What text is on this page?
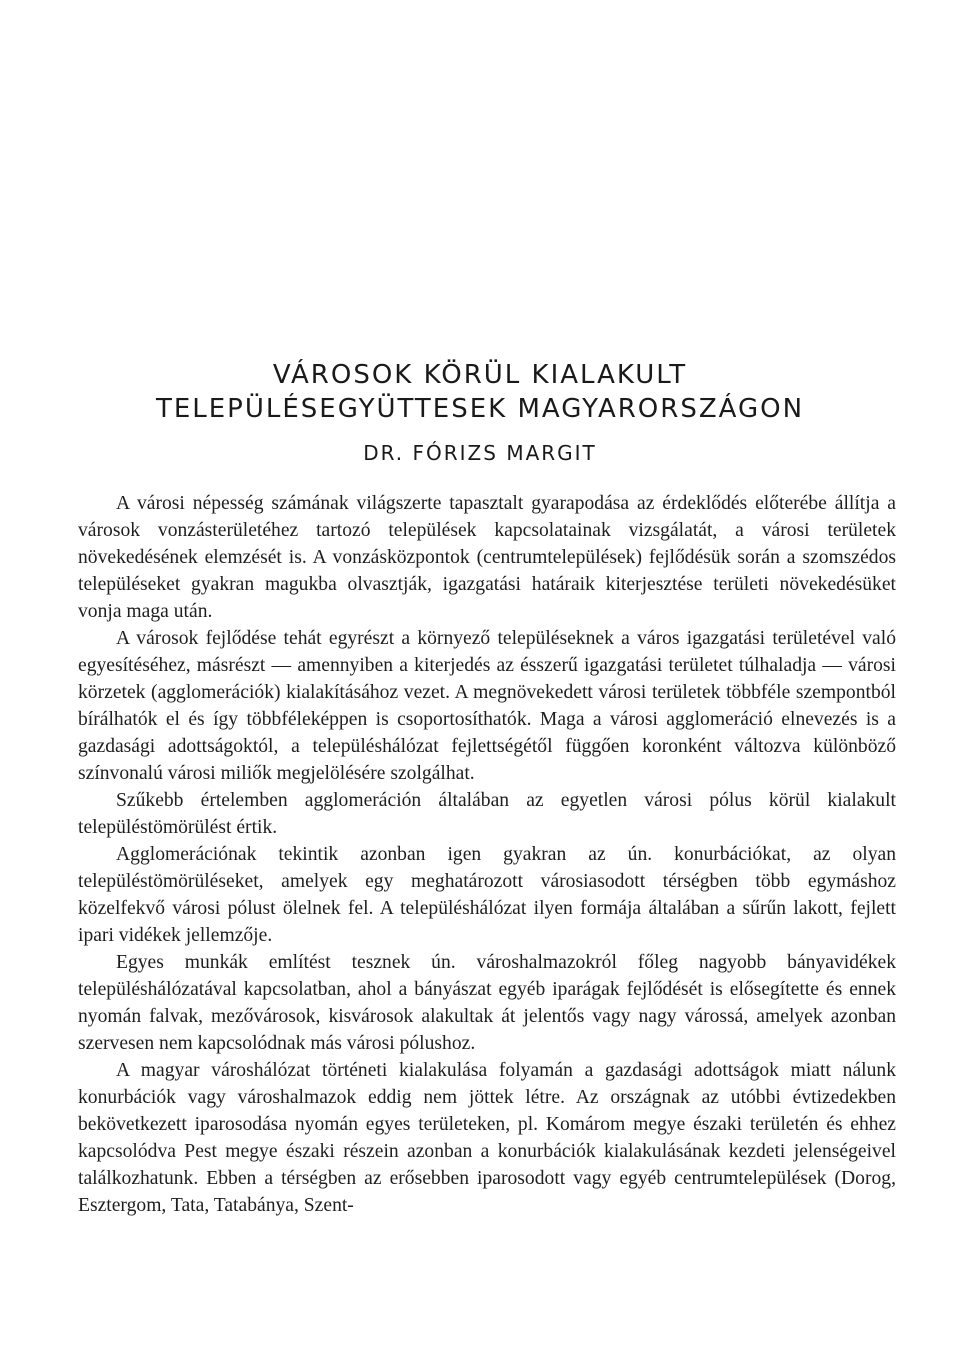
VÁROSOK KÖRÜL KIALAKULT
TELEPÜLÉSEGYÜTTESEK MAGYARORSZÁGON
DR. FÓRIZS MARGIT

A városi népesség számának világszerte tapasztalt gyarapodása az érdeklődés előterébe állítja a városok vonzásterületéhez tartozó települések kapcsolatainak vizsgálatát, a városi területek növekedésének elemzését is. A vonzásközpontok (centrumtelepülések) fejlődésük során a szomszédos településeket gyakran magukba olvasztják, igazgatási határaik kiterjesztése területi növekedésüket vonja maga után.

A városok fejlődése tehát egyrészt a környező településeknek a város igazgatási területével való egyesítéséhez, másrészt — amennyiben a kiterjedés az ésszerű igazgatási területet túlhaladja — városi körzetek (agglomerációk) kialakításához vezet. A megnövekedett városi területek többféle szempontból bírálhatók el és így többféleképpen is csoportosíthatók. Maga a városi agglomeráció elnevezés is a gazdasági adottságoktól, a településhálózat fejlettségétől függően koronként változva különböző színvonalú városi miliők megjelölésére szolgálhat.

Szűkebb értelemben agglomeráción általában az egyetlen városi pólus körül kialakult településtömörülést értik.

Agglomerációnak tekintik azonban igen gyakran az ún. konurbációkat, az olyan településtömörüléseket, amelyek egy meghatározott városiasodott térségben több egymáshoz közelfekvő városi pólust ölelnek fel. A településhálózat ilyen formája általában a sűrűn lakott, fejlett ipari vidékek jellemzője.

Egyes munkák említést tesznek ún. városhalmazokról főleg nagyobb bányavidékek településhálózatával kapcsolatban, ahol a bányászat egyéb iparágak fejlődését is elősegítette és ennek nyomán falvak, mezővárosok, kisvárosok alakultak át jelentős vagy nagy várossá, amelyek azonban szervesen nem kapcsolódnak más városi pólushoz.

A magyar városhálózat történeti kialakulása folyamán a gazdasági adottságok miatt nálunk konurbációk vagy városhalmazok eddig nem jöttek létre. Az országnak az utóbbi évtizedekben bekövetkezett iparosodása nyomán egyes területeken, pl. Komárom megye északi területén és ehhez kapcsolódva Pest megye északi részein azonban a konurbációk kialakulásának kezdeti jelenségeivel találkozhatunk. Ebben a térségben az erősebben iparosodott vagy egyéb centrumtelepülések (Dorog, Esztergom, Tata, Tatabánya, Szent-
